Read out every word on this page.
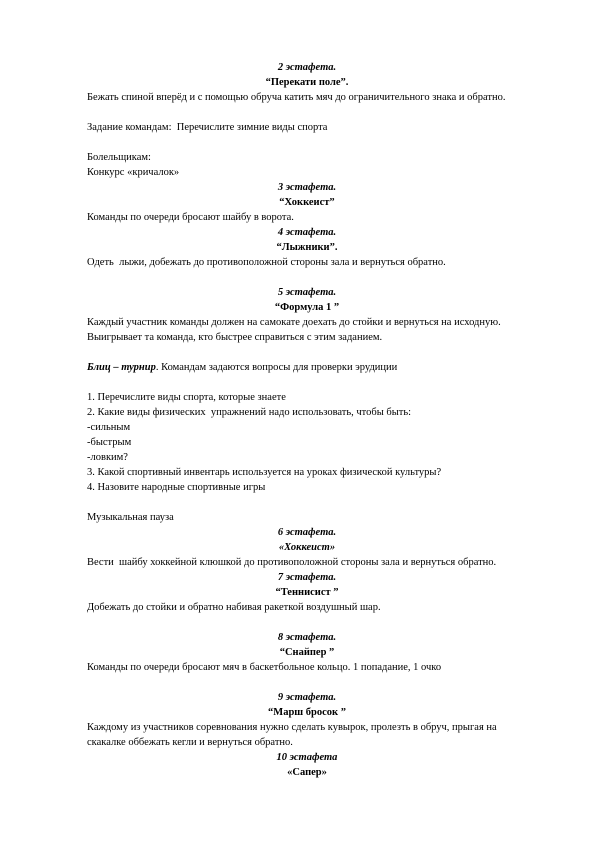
2 эстафета.

“Перекати поле”.

Бежать спиной вперёд и с помощью обруча катить мяч до ограничительного знака и обратно.

Задание командам:  Перечислите зимние виды спорта

Болельщикам:

Конкурс «кричалок»

3 эстафета.

“Хоккеист”

Команды по очереди бросают шайбу в ворота.

4 эстафета.

“Лыжники”.

Одеть  лыжи, добежать до противоположной стороны зала и вернуться обратно.

5 эстафета.

“Формула 1 ”

Каждый участник команды должен на самокате доехать до стойки и вернуться на исходную. Выигрывает та команда, кто быстрее справиться с этим заданием.

Блиц – турнир. Командам задаются вопросы для проверки эрудиции

1. Перечислите виды спорта, которые знаете

2. Какие виды физических  упражнений надо использовать, чтобы быть:

-сильным

-быстрым

-ловким?

3. Какой спортивный инвентарь используется на уроках физической культуры?

4. Назовите народные спортивные игры

Музыкальная пауза

6 эстафета.

«Хоккеист»

Вести  шайбу хоккейной клюшкой до противоположной стороны зала и вернуться обратно.

7 эстафета.

“Теннисист ”

Добежать до стойки и обратно набивая ракеткой воздушный шар.

8 эстафета.

“Снайпер ”

Команды по очереди бросают мяч в баскетбольное кольцо. 1 попадание, 1 очко

9 эстафета.

“Марш бросок ”

Каждому из участников соревнования нужно сделать кувырок, пролезть в обруч, прыгая на скакалке оббежать кегли и вернуться обратно.

10 эстафета

«Сапер»
